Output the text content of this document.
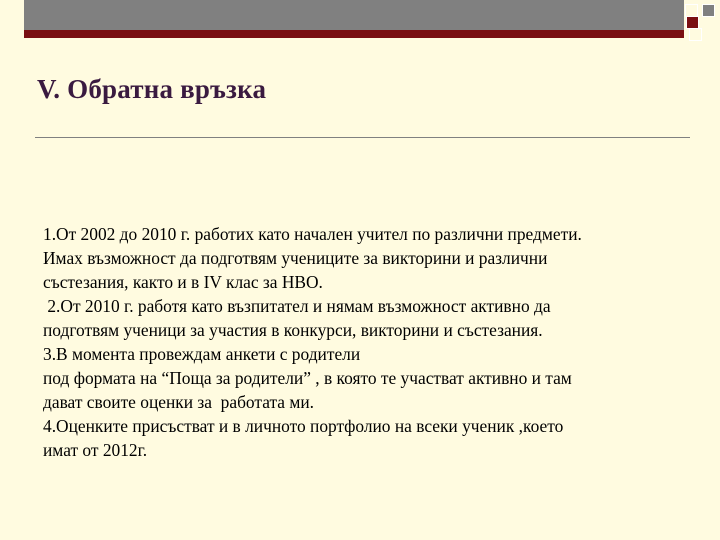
V. Обратна връзка
1.От 2002 до 2010 г. работих като начален учител по различни предмети.
Имах възможност да подготвям учениците за викторини и различни
състезания, както и в IV клас за НВО.
2.От 2010 г. работя като възпитател и нямам възможност активно да
подготвям ученици за участия в конкурси, викторини и състезания.
3.В момента провеждам анкети с родители
под формата на “Поща за родители” , в която те участват активно и там
дават своите оценки за  работата ми.
4.Оценките присъстват и в личното портфолио на всеки ученик ,което
имат от 2012г.
